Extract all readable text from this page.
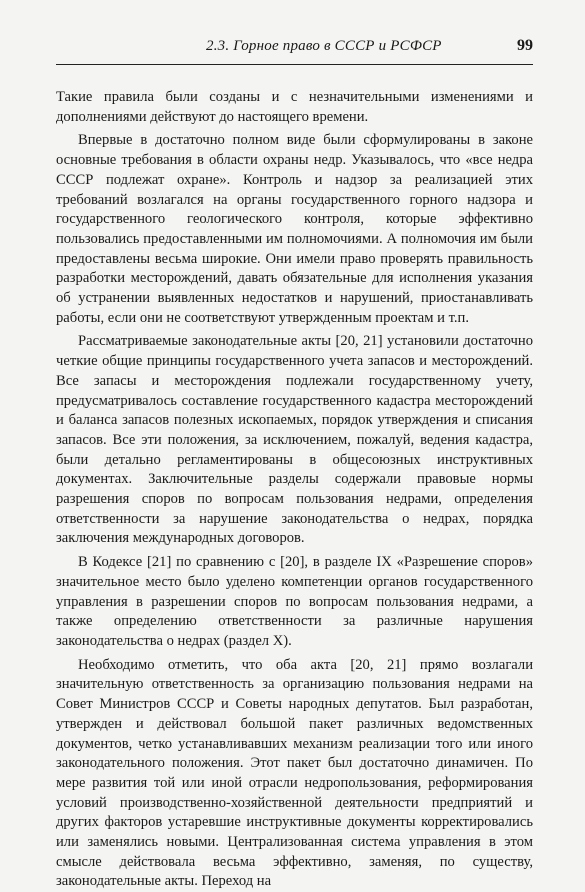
2.3. Горное право в СССР и РСФСР	99

Такие правила были созданы и с незначительными изменениями и дополнениями действуют до настоящего времени.

Впервые в достаточно полном виде были сформулированы в законе основные требования в области охраны недр. Указывалось, что «все недра СССР подлежат охране». Контроль и надзор за реализацией этих требований возлагался на органы государственного горного надзора и государственного геологического контроля, которые эффективно пользовались предоставленными им полномочиями. А полномочия им были предоставлены весьма широкие. Они имели право проверять правильность разработки месторождений, давать обязательные для исполнения указания об устранении выявленных недостатков и нарушений, приостанавливать работы, если они не соответствуют утвержденным проектам и т.п.

Рассматриваемые законодательные акты [20, 21] установили достаточно четкие общие принципы государственного учета запасов и месторождений. Все запасы и месторождения подлежали государственному учету, предусматривалось составление государственного кадастра месторождений и баланса запасов полезных ископаемых, порядок утверждения и списания запасов. Все эти положения, за исключением, пожалуй, ведения кадастра, были детально регламентированы в общесоюзных инструктивных документах. Заключительные разделы содержали правовые нормы разрешения споров по вопросам пользования недрами, определения ответственности за нарушение законодательства о недрах, порядка заключения международных договоров.

В Кодексе [21] по сравнению с [20], в разделе IX «Разрешение споров» значительное место было уделено компетенции органов государственного управления в разрешении споров по вопросам пользования недрами, а также определению ответственности за различные нарушения законодательства о недрах (раздел X).

Необходимо отметить, что оба акта [20, 21] прямо возлагали значительную ответственность за организацию пользования недрами на Совет Министров СССР и Советы народных депутатов. Был разработан, утвержден и действовал большой пакет различных ведомственных документов, четко устанавливавших механизм реализации того или иного законодательного положения. Этот пакет был достаточно динамичен. По мере развития той или иной отрасли недропользования, реформирования условий производственно-хозяйственной деятельности предприятий и других факторов устаревшие инструктивные документы корректировались или заменялись новыми. Централизованная система управления в этом смысле действовала весьма эффективно, заменяя, по существу, законодательные акты. Переход на
